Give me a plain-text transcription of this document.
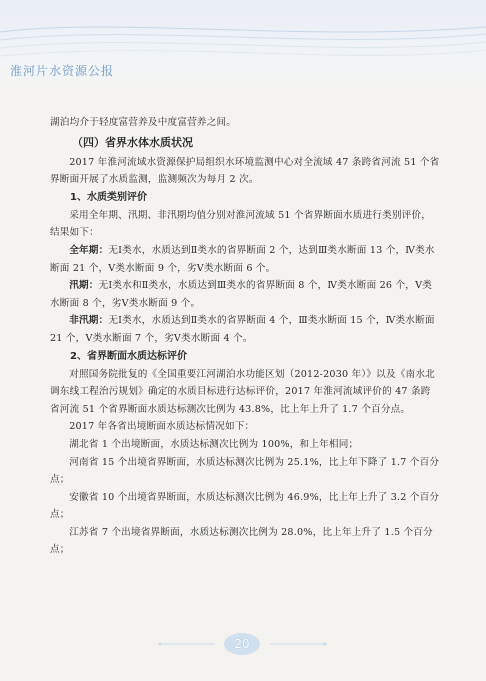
淮河片水资源公报

湖泊均介于轻度富营养及中度富营养之间。

（四）省界水体水质状况

2017 年淮河流域水资源保护局组织水环境监测中心对全流域 47 条跨省河流 51 个省界断面开展了水质监测，监测频次为每月 2 次。

1、水质类别评价

采用全年期、汛期、非汛期均值分别对淮河流域 51 个省界断面水质进行类别评价，结果如下：

全年期：无Ⅰ类水，水质达到Ⅱ类水的省界断面 2 个，达到Ⅲ类水断面 13 个，Ⅳ类水断面 21 个，Ⅴ类水断面 9 个，劣Ⅴ类水断面 6 个。

汛期：无Ⅰ类水和Ⅱ类水，水质达到Ⅲ类水的省界断面 8 个，Ⅳ类水断面 26 个，Ⅴ类水断面 8 个，劣Ⅴ类水断面 9 个。

非汛期：无Ⅰ类水，水质达到Ⅱ类水的省界断面 4 个，Ⅲ类水断面 15 个，Ⅳ类水断面 21 个，Ⅴ类水断面 7 个，劣Ⅴ类水断面 4 个。

2、省界断面水质达标评价

对照国务院批复的《全国重要江河湖泊水功能区划（2012-2030 年）》以及《南水北调东线工程治污规划》确定的水质目标进行达标评价，2017 年淮河流域评价的 47 条跨省河流 51 个省界断面水质达标测次比例为 43.8%，比上年上升了 1.7 个百分点。

2017 年各省出境断面水质达标情况如下：

湖北省 1 个出境断面，水质达标测次比例为 100%，和上年相同；

河南省 15 个出境省界断面，水质达标测次比例为 25.1%，比上年下降了 1.7 个百分点；

安徽省 10 个出境省界断面，水质达标测次比例为 46.9%，比上年上升了 3.2 个百分点；

江苏省 7 个出境省界断面，水质达标测次比例为 28.0%，比上年上升了 1.5 个百分点；

20
